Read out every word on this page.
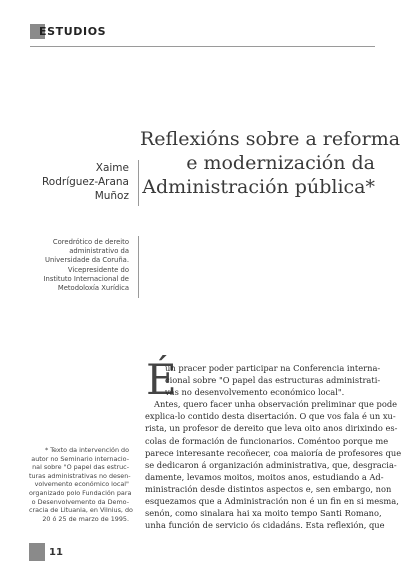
ESTUDIOS
Reflexións sobre a reforma
e modernización da
Administración pública*
Xaime
Rodríguez-Arana
Muñoz
Coredrótico de dereito
administrativo da
Universidade da Coruña.
Vicepresidente do
Instituto Internacional de
Metodoloxía Xurídica
* Texto da intervención do
autor no Seminario internacio-
nal sobre "O papel das estruc-
turas administrativas no desen-
volvemento económico local"
organizado polo Fundación para
o Desenvolvemento da Demo-
cracia de Lituania, en Vilnius, do
20 ó 25 de marzo de 1995.
É
un pracer poder participar na Conferencia interna-
cional sobre "O papel das estructuras administrati-
vas no desenvolvemento económico local".
Antes, quero facer unha observación preliminar que pode
explica-lo contido desta disertación. O que vos fala é un xu-
rista, un profesor de dereito que leva oito anos dirixindo es-
colas de formación de funcionarios. Coméntoo porque me
parece interesante recoñecer, coa maioría de profesores que
se dedicaron á organización administrativa, que, desgracia-
damente, levamos moitos, moitos anos, estudiando a Ad-
ministración desde distintos aspectos e, sen embargo, non
esquezamos que a Administración non é un fin en si mesma,
senón, como sinalara hai xa moito tempo Santi Romano,
unha función de servicio ós cidadáns. Esta reflexión, que
11
